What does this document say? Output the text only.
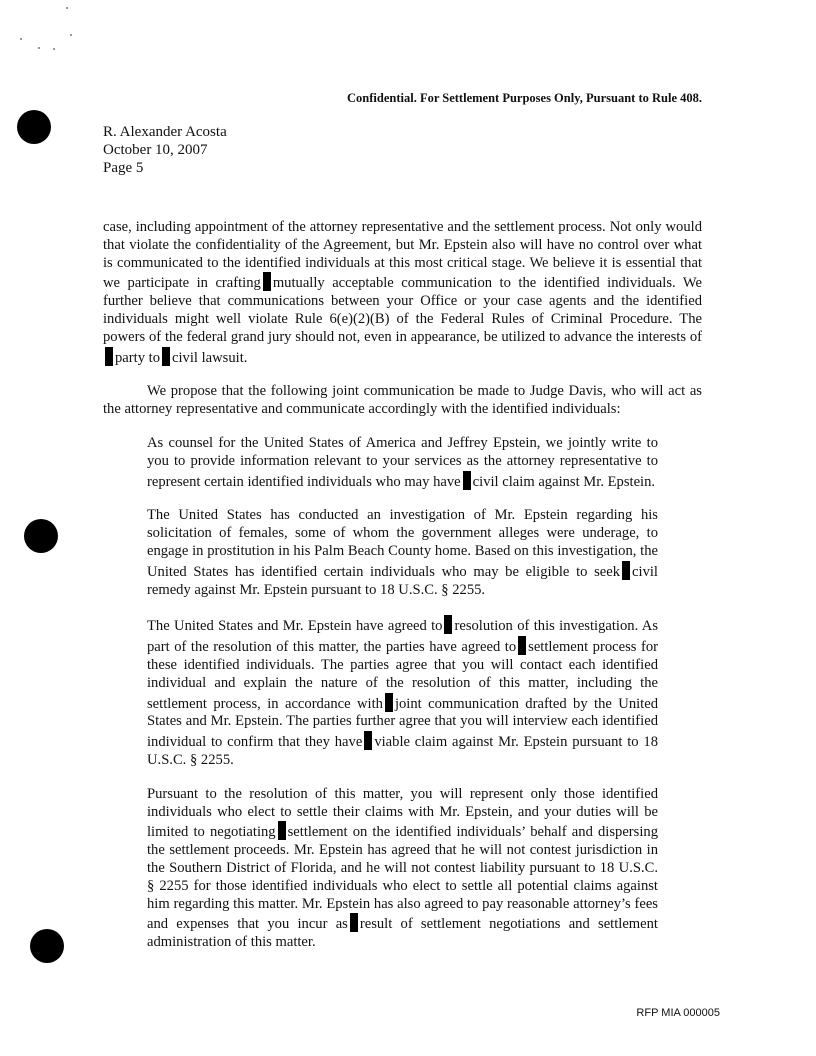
Confidential. For Settlement Purposes Only, Pursuant to Rule 408.
R. Alexander Acosta
October 10, 2007
Page 5

case, including appointment of the attorney representative and the settlement process. Not only would that violate the confidentiality of the Agreement, but Mr. Epstein also will have no control over what is communicated to the identified individuals at this most critical stage. We believe it is essential that we participate in crafting mutually acceptable communication to the identified individuals. We further believe that communications between your Office or your case agents and the identified individuals might well violate Rule 6(e)(2)(B) of the Federal Rules of Criminal Procedure. The powers of the federal grand jury should not, even in appearance, be utilized to advance the interests ofparty to civil lawsuit.

We propose that the following joint communication be made to Judge Davis, who will act as the attorney representative and communicate accordingly with the identified individuals:

As counsel for the United States of America and Jeffrey Epstein, we jointly write to you to provide information relevant to your services as the attorney representative to represent certain identified individuals who may have civil claim against Mr. Epstein.

The United States has conducted an investigation of Mr. Epstein regarding his solicitation of females, some of whom the government alleges were underage, to engage in prostitution in his Palm Beach County home. Based on this investigation, the United States has identified certain individuals who may be eligible to seek civil remedy against Mr. Epstein pursuant to 18 U.S.C. § 2255.

The United States and Mr. Epstein have agreed to resolution of this investigation. As part of the resolution of this matter, the parties have agreed to settlement process for these identified individuals. The parties agree that you will contact each identified individual and explain the nature of the resolution of this matter, including the settlement process, in accordance with joint communication drafted by the United States and Mr. Epstein. The parties further agree that you will interview each identified individual to confirm that they have viable claim against Mr. Epstein pursuant to 18 U.S.C. § 2255.

Pursuant to the resolution of this matter, you will represent only those identified individuals who elect to settle their claims with Mr. Epstein, and your duties will be limited to negotiating settlement on the identified individuals’ behalf and dispersing the settlement proceeds. Mr. Epstein has agreed that he will not contest jurisdiction in the Southern District of Florida, and he will not contest liability pursuant to 18 U.S.C. § 2255 for those identified individuals who elect to settle all potential claims against him regarding this matter. Mr. Epstein has also agreed to pay reasonable attorney’s fees and expenses that you incur as result of settlement negotiations and settlement administration of this matter.

RFP MIA 000005
